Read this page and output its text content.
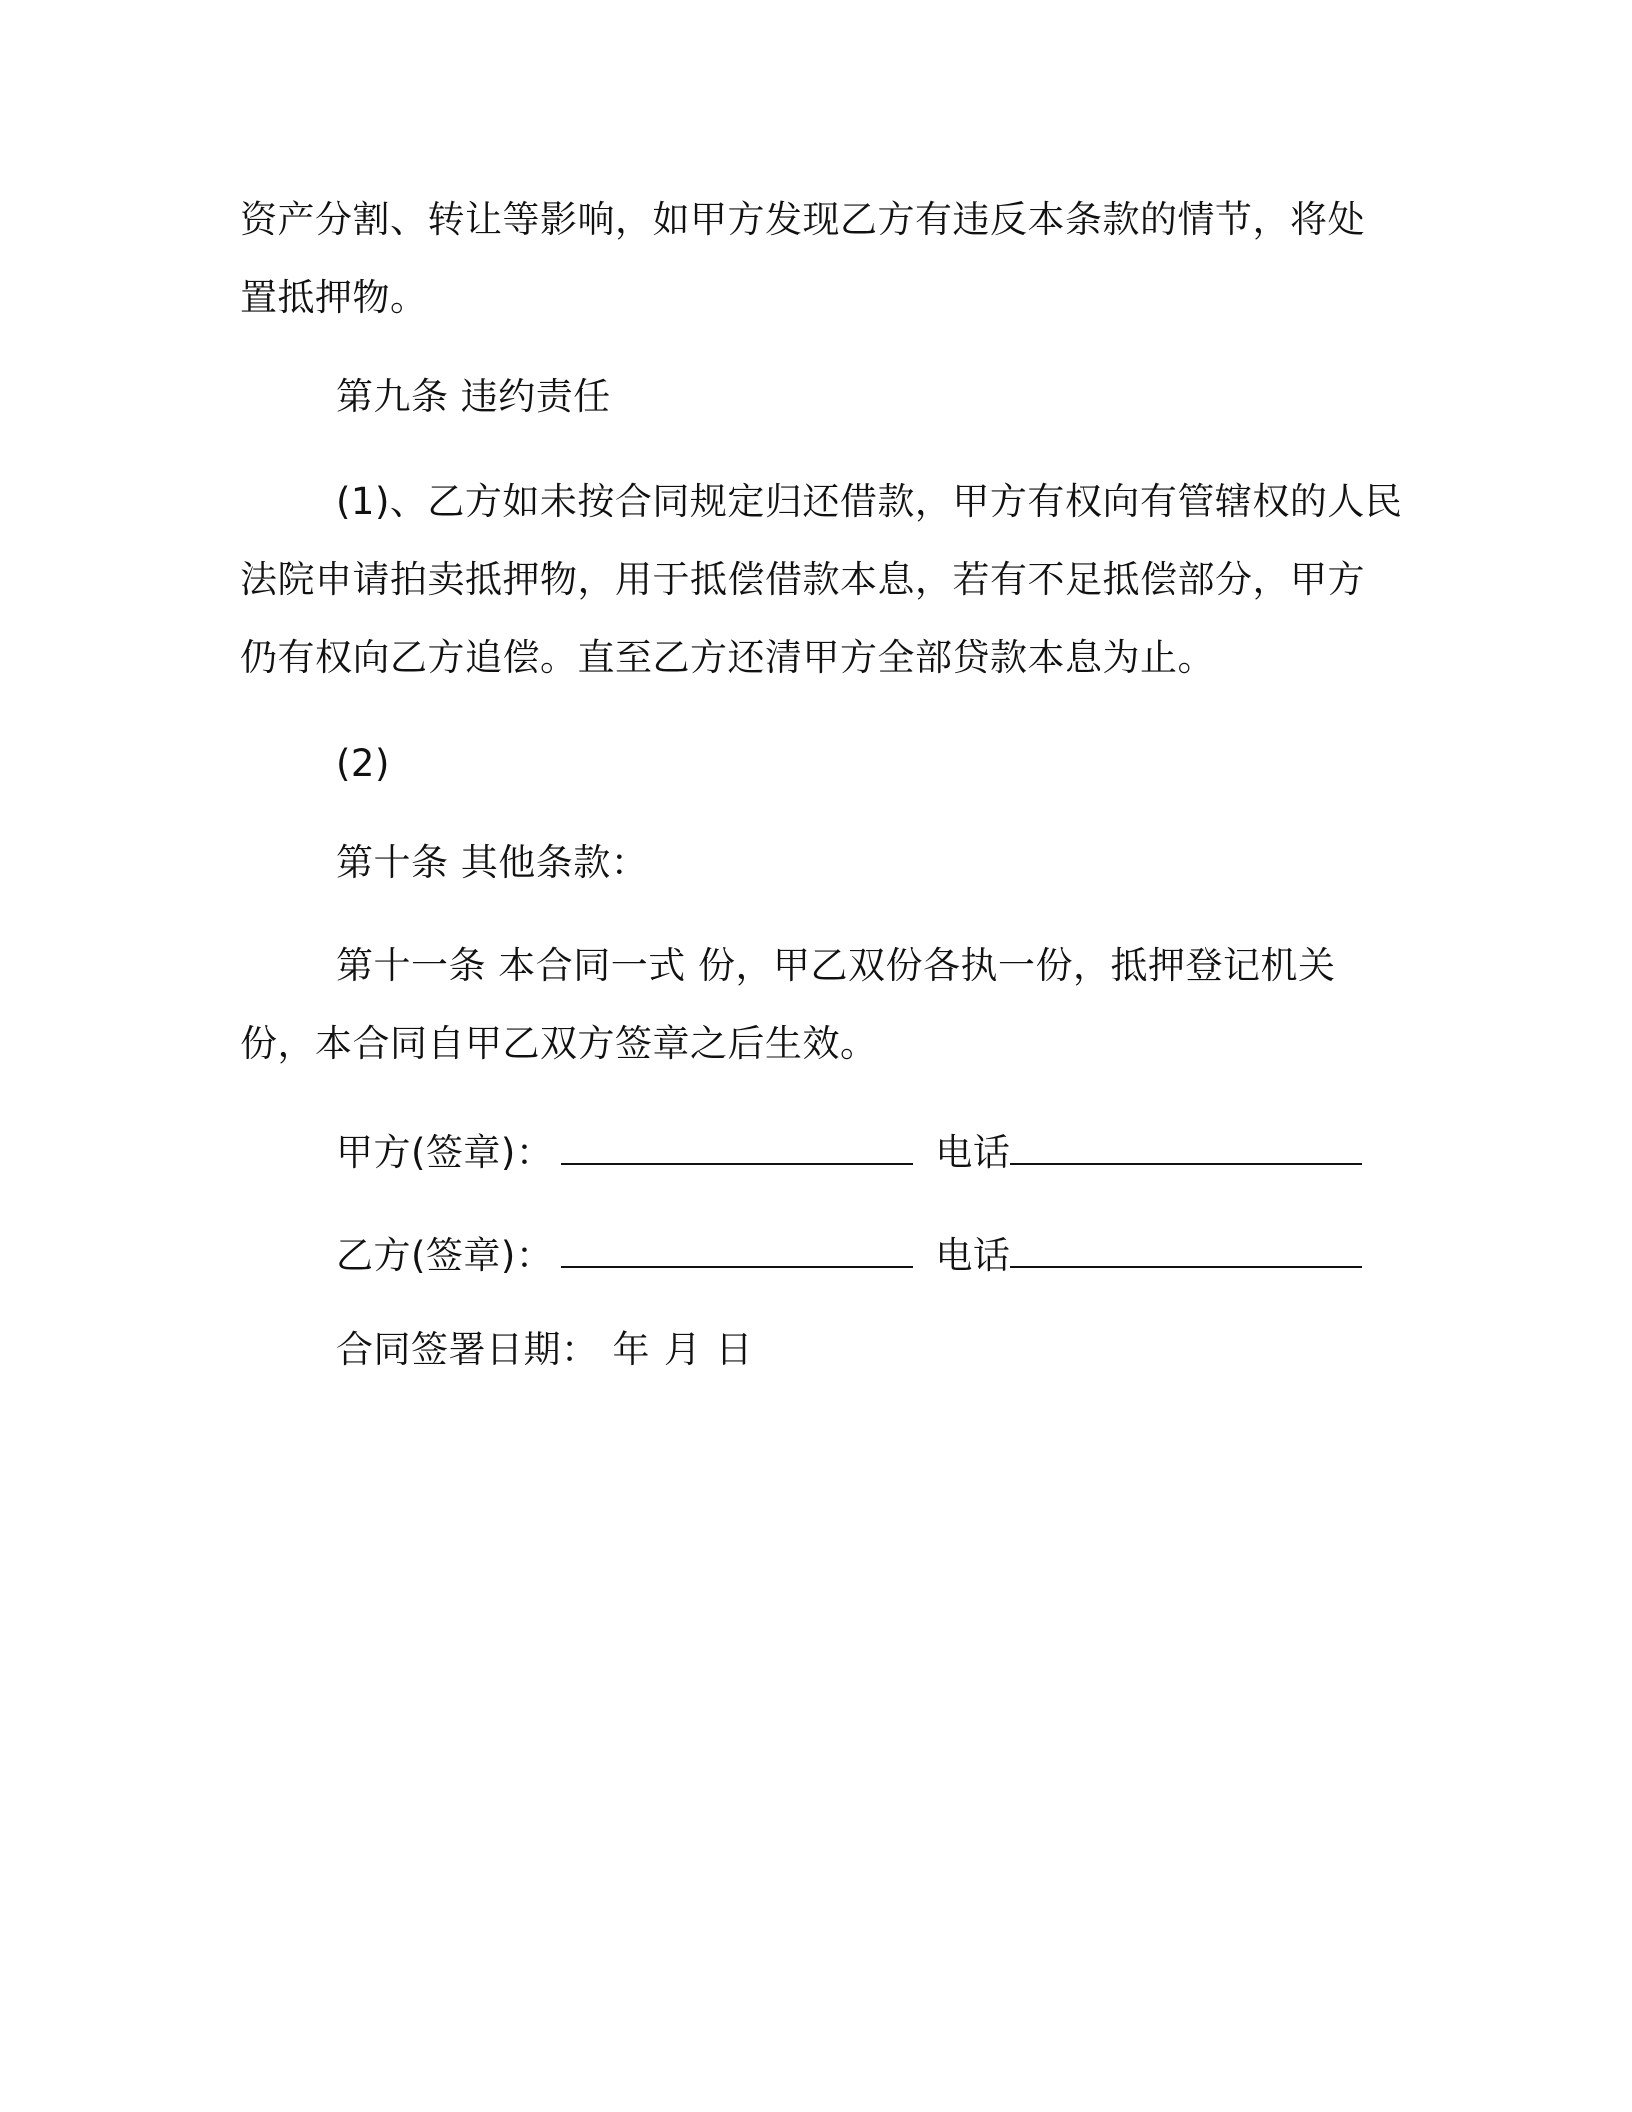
资产分割、转让等影响，如甲方发现乙方有违反本条款的情节，将处
置抵押物。
第九条 违约责任
(1)、乙方如未按合同规定归还借款，甲方有权向有管辖权的人民
法院申请拍卖抵押物，用于抵偿借款本息，若有不足抵偿部分，甲方
仍有权向乙方追偿。直至乙方还清甲方全部贷款本息为止。
(2)
第十条 其他条款：
第十一条 本合同一式 份，甲乙双份各执一份，抵押登记机关
份，本合同自甲乙双方签章之后生效。
甲方(签章)：	电话
乙方(签章)：	电话
合同签署日期： 年 月 日
